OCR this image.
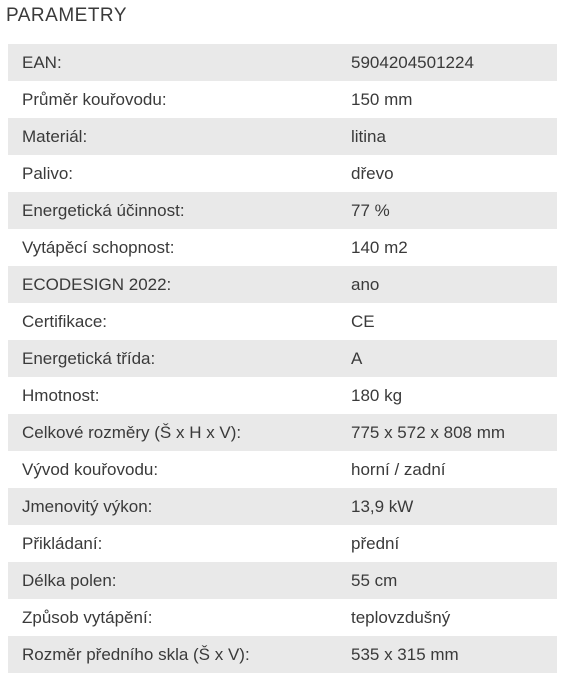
PARAMETRY
EAN:	5904204501224
Průměr kouřovodu:	150 mm
Materiál:	litina
Palivo:	dřevo
Energetická účinnost:	77 %
Vytápěcí schopnost:	140 m2
ECODESIGN 2022:	ano
Certifikace:	CE
Energetická třída:	A
Hmotnost:	180 kg
Celkové rozměry (Š x H x V):	775 x 572 x 808 mm
Vývod kouřovodu:	horní / zadní
Jmenovitý výkon:	13,9 kW
Přikládaní:	přední
Délka polen:	55 cm
Způsob vytápění:	teplovzdušný
Rozměr předního skla (Š x V):	535 x 315 mm
